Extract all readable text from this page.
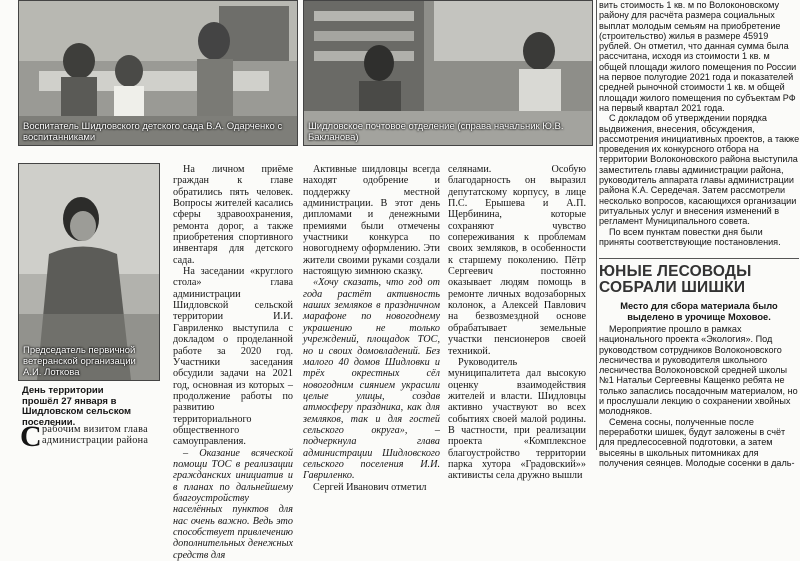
Воспитатель Шидловского детского сада В.А. Одарченко с воспитанниками
Шидловское почтовое отделение (справа начальник Ю.В. Бакланова)
Председатель первичной ветеранской организации А.И. Лоткова
День территории прошёл 27 января в Шидловском сельском поселении.
С рабочим визитом глава администрации района

На личном приёме граждан к главе обратились пять человек. Вопросы жителей касались сферы здравоохранения, ремонта дорог, а также приобретения спортивного инвентаря для детского сада.

На заседании «круглого стола» глава администрации Шидловской сельской территории И.И. Гавриленко выступила с докладом о проделанной работе за 2020 год. Участники заседания обсудили задачи на 2021 год, основная из которых – продолжение работы по развитию территориального общественного самоуправления.

– Оказание всяческой помощи ТОС в реализации гражданских инициатив и в планах по дальнейшему благоустройству населённых пунктов для нас очень важно. Ведь это способствует привлечению дополнительных денежных средств для

Активные шидловцы всегда находят одобрение и поддержку местной администрации. В этот день дипломами и денежными премиями были отмечены участники конкурса по новогоднему оформлению. Эти жители своими руками создали настоящую зимнюю сказку.

«Хочу сказать, что год от года растёт активность наших земляков в праздничном марафоне по новогоднему украшению не только учреждений, площадок ТОС, но и своих домовладений. Без малого 40 домов Шидловки и трёх окрестных сёл новогодним сиянием украсили целые улицы, создав атмосферу праздника, как для земляков, так и для гостей сельского округа», – подчеркнула глава администрации Шидловского сельского поселения И.И. Гавриленко.

Сергей Иванович отметил

селянами. Особую благодарность он выразил депутатскому корпусу, в лице П.С. Ерышева и А.П. Щербинина, которые сохраняют чувство сопереживания к проблемам своих земляков, в особенности к старшему поколению. Пётр Сергеевич постоянно оказывает людям помощь в ремонте личных водозаборных колонок, а Алексей Павлович на безвозмездной основе обрабатывает земельные участки пенсионеров своей техникой.

Руководитель муниципалитета дал высокую оценку взаимодействия жителей и власти. Шидловцы активно участвуют во всех событиях своей малой родины. В частности, при реализации проекта «Комплексное благоустройство территории парка хутора «Градовский»» активисты села дружно вышли

вить стоимость 1 кв. м по Волоконовскому району для расчёта размера социальных выплат молодым семьям на приобретение (строительство) жилья в размере 45919 рублей. Он отметил, что данная сумма была рассчитана, исходя из стоимости 1 кв. м общей площади жилого помещения по России на первое полугодие 2021 года и показателей средней рыночной стоимости 1 кв. м общей площади жилого помещения по субъектам РФ на первый квартал 2021 года.

С докладом об утверждении порядка выдвижения, внесения, обсуждения, рассмотрения инициативных проектов, а также проведения их конкурсного отбора на территории Волоконовского района выступила заместитель главы администрации района, руководитель аппарата главы администрации района К.А. Середечая. Затем рассмотрели несколько вопросов, касающихся организации ритуальных услуг и внесения изменений в регламент Муниципального совета.

По всем пунктам повестки дня были приняты соответствующие постановления.

ЮНЫЕ ЛЕСОВОДЫ СОБРАЛИ ШИШКИ
Место для сбора материала было выделено в урочище Моховое.

Мероприятие прошло в рамках национального проекта «Экология». Под руководством сотрудников Волоконовского лесничества и руководителя школьного лесничества Волоконовской средней школы №1 Натальи Сергеевны Кащенко ребята не только запаслись посадочным материалом, но и прослушали лекцию о сохранении хвойных молодняков.

Семена сосны, полученные после переработки шишек, будут заложены в счёт для предлесосевной подготовки, а затем высеяны в школьных питомниках для получения сеянцев. Молодые сосенки в даль-
